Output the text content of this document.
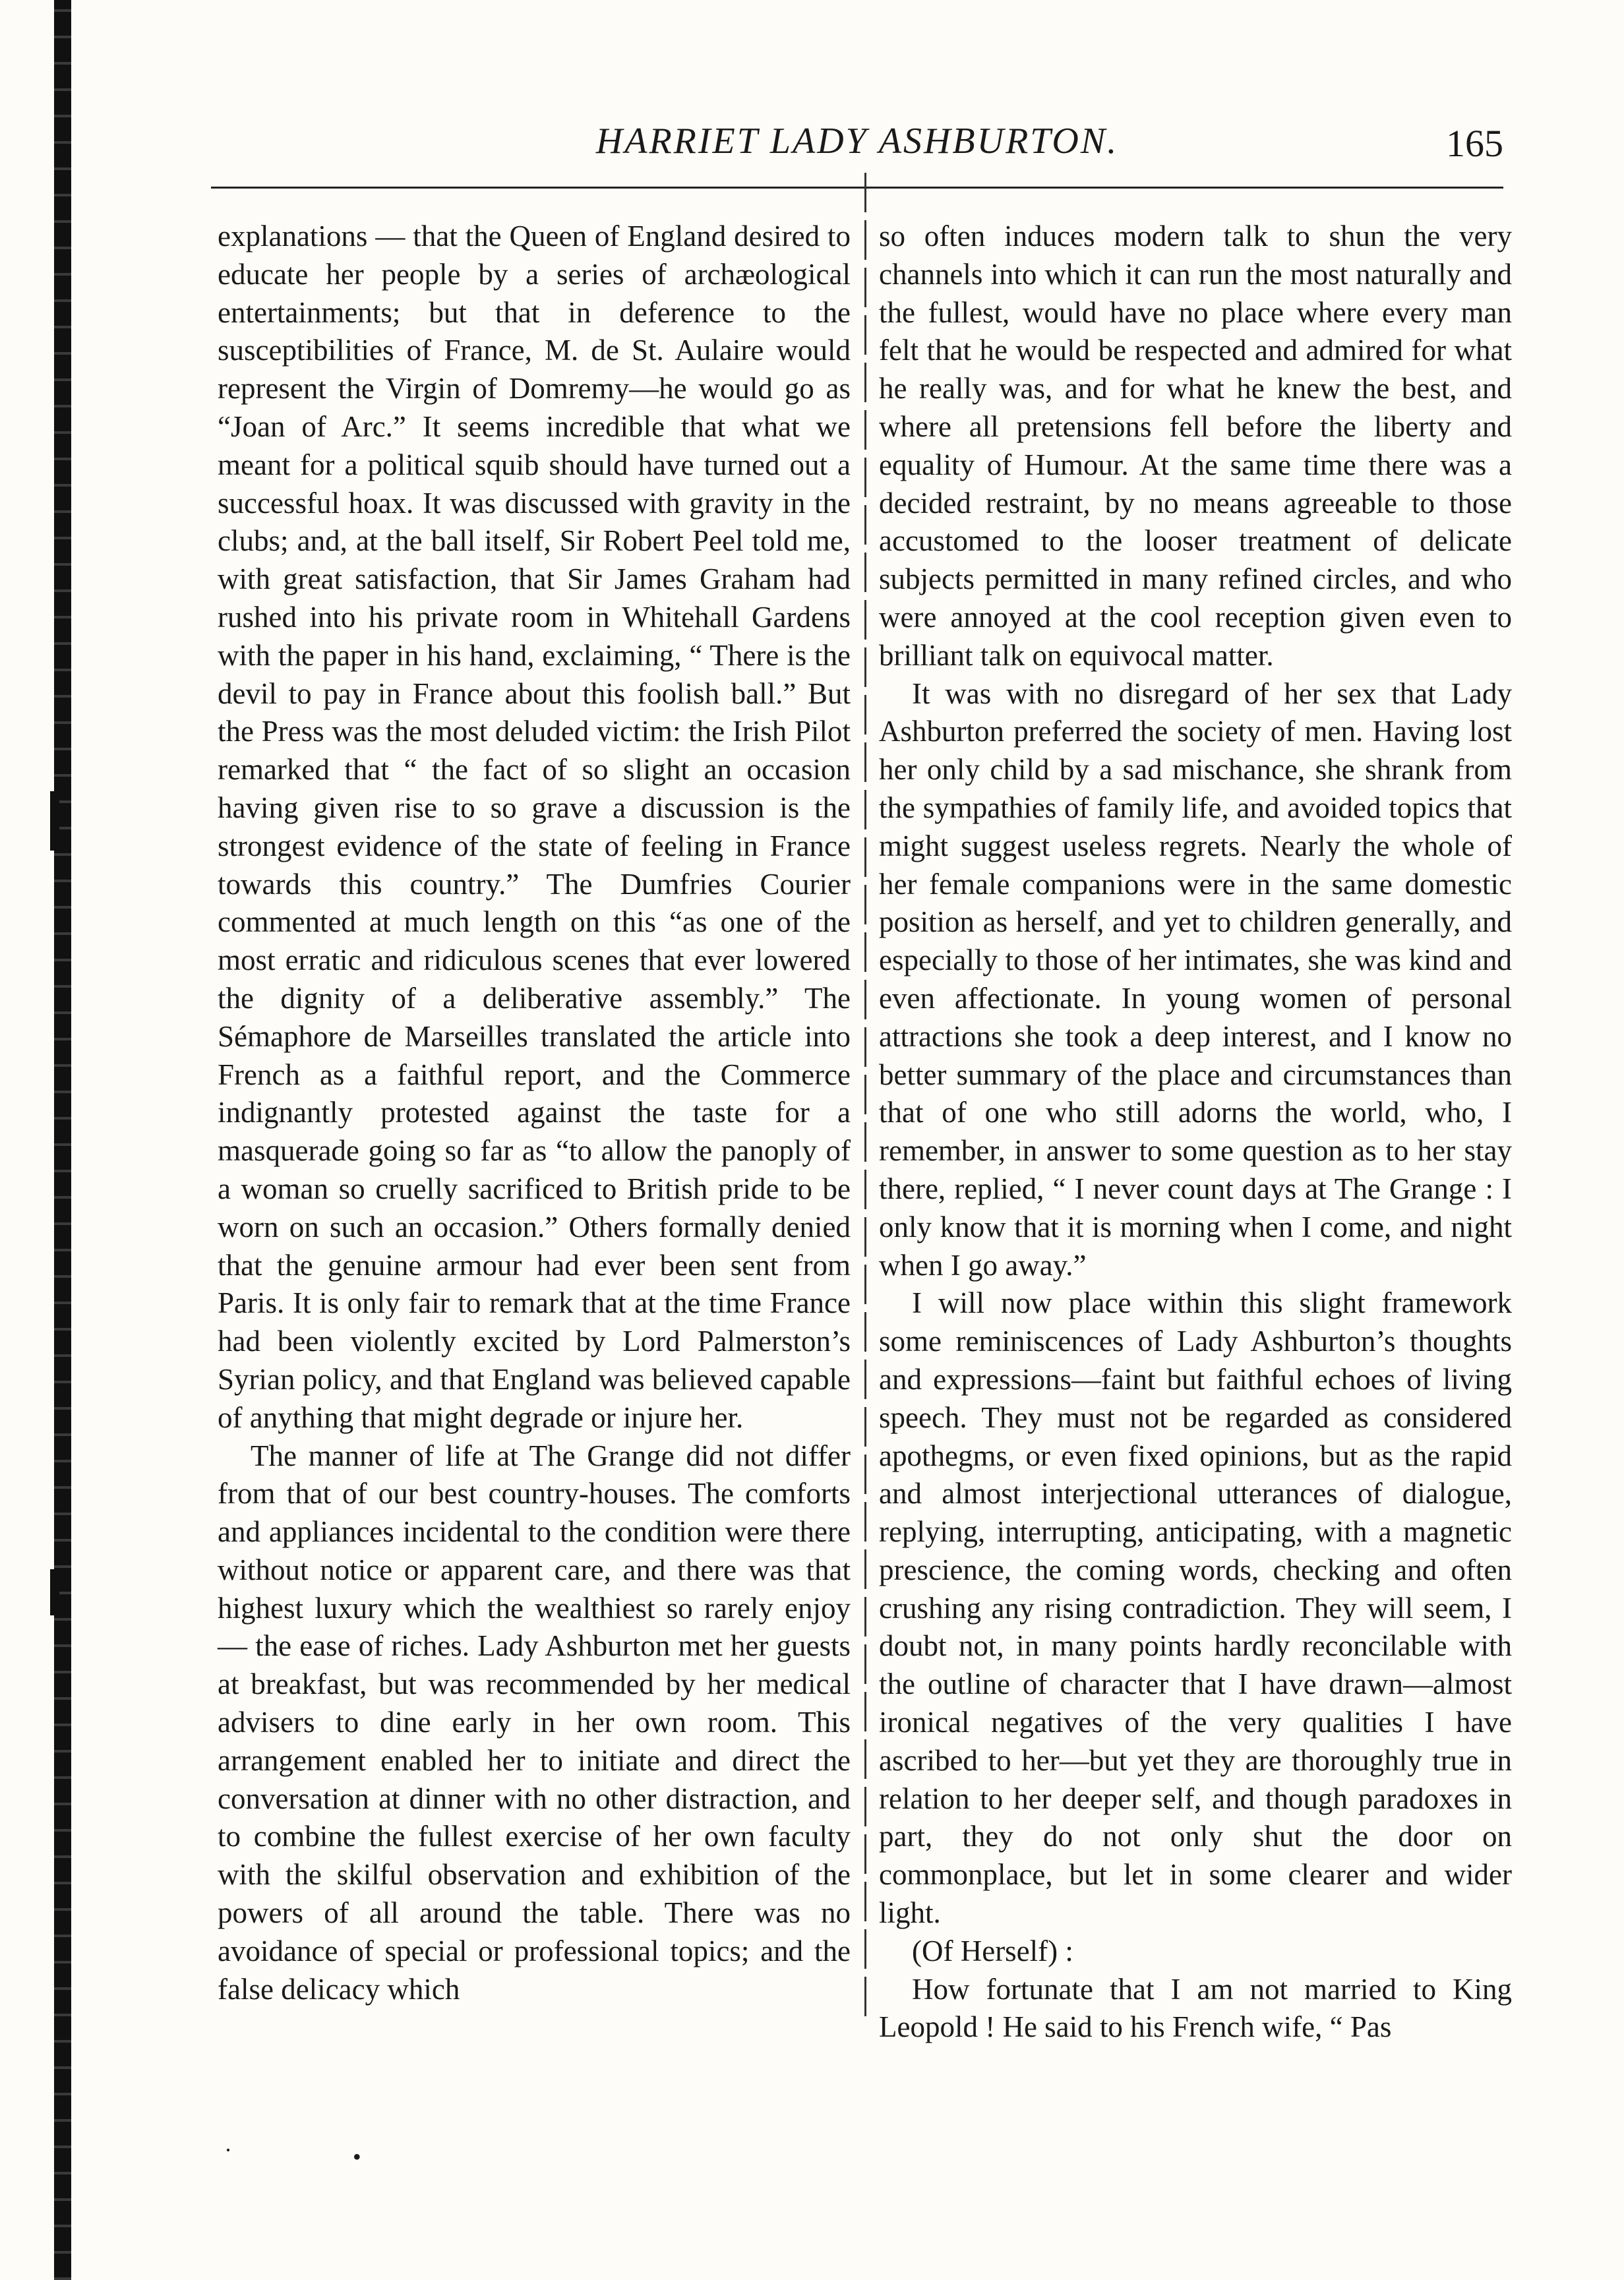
HARRIET LADY ASHBURTON.	165

explanations — that the Queen of England desired to educate her people by a series of archæological entertainments; but that in deference to the susceptibilities of France, M. de St. Aulaire would represent the Virgin of Domremy—he would go as “Joan of Arc.” It seems incredible that what we meant for a political squib should have turned out a successful hoax. It was discussed with gravity in the clubs; and, at the ball itself, Sir Robert Peel told me, with great satisfaction, that Sir James Graham had rushed into his private room in Whitehall Gardens with the paper in his hand, exclaiming, “ There is the devil to pay in France about this foolish ball.” But the Press was the most deluded victim: the Irish Pilot remarked that “ the fact of so slight an occasion having given rise to so grave a discussion is the strongest evidence of the state of feeling in France towards this country.” The Dumfries Courier commented at much length on this “as one of the most erratic and ridiculous scenes that ever lowered the dignity of a deliberative assembly.” The Sémaphore de Marseilles translated the article into French as a faithful report, and the Commerce indignantly protested against the taste for a masquerade going so far as “to allow the panoply of a woman so cruelly sacrificed to British pride to be worn on such an occasion.” Others formally denied that the genuine armour had ever been sent from Paris. It is only fair to remark that at the time France had been violently excited by Lord Palmerston’s Syrian policy, and that England was believed capable of anything that might degrade or injure her.

The manner of life at The Grange did not differ from that of our best country-houses. The comforts and appliances incidental to the condition were there without notice or apparent care, and there was that highest luxury which the wealthiest so rarely enjoy — the ease of riches. Lady Ashburton met her guests at breakfast, but was recommended by her medical advisers to dine early in her own room. This arrangement enabled her to initiate and direct the conversation at dinner with no other distraction, and to combine the fullest exercise of her own faculty with the skilful observation and exhibition of the powers of all around the table. There was no avoidance of special or professional topics; and the false delicacy which

so often induces modern talk to shun the very channels into which it can run the most naturally and the fullest, would have no place where every man felt that he would be respected and admired for what he really was, and for what he knew the best, and where all pretensions fell before the liberty and equality of Humour. At the same time there was a decided restraint, by no means agreeable to those accustomed to the looser treatment of delicate subjects permitted in many refined circles, and who were annoyed at the cool reception given even to brilliant talk on equivocal matter.

It was with no disregard of her sex that Lady Ashburton preferred the society of men. Having lost her only child by a sad mischance, she shrank from the sympathies of family life, and avoided topics that might suggest useless regrets. Nearly the whole of her female companions were in the same domestic position as herself, and yet to children generally, and especially to those of her intimates, she was kind and even affectionate. In young women of personal attractions she took a deep interest, and I know no better summary of the place and circumstances than that of one who still adorns the world, who, I remember, in answer to some question as to her stay there, replied, “ I never count days at The Grange : I only know that it is morning when I come, and night when I go away.”

I will now place within this slight framework some reminiscences of Lady Ashburton’s thoughts and expressions—faint but faithful echoes of living speech. They must not be regarded as considered apothegms, or even fixed opinions, but as the rapid and almost interjectional utterances of dialogue, replying, interrupting, anticipating, with a magnetic prescience, the coming words, checking and often crushing any rising contradiction. They will seem, I doubt not, in many points hardly reconcilable with the outline of character that I have drawn—almost ironical negatives of the very qualities I have ascribed to her—but yet they are thoroughly true in relation to her deeper self, and though paradoxes in part, they do not only shut the door on commonplace, but let in some clearer and wider light.

(Of Herself) :

How fortunate that I am not married to King Leopold ! He said to his French wife, “ Pas

·	•
